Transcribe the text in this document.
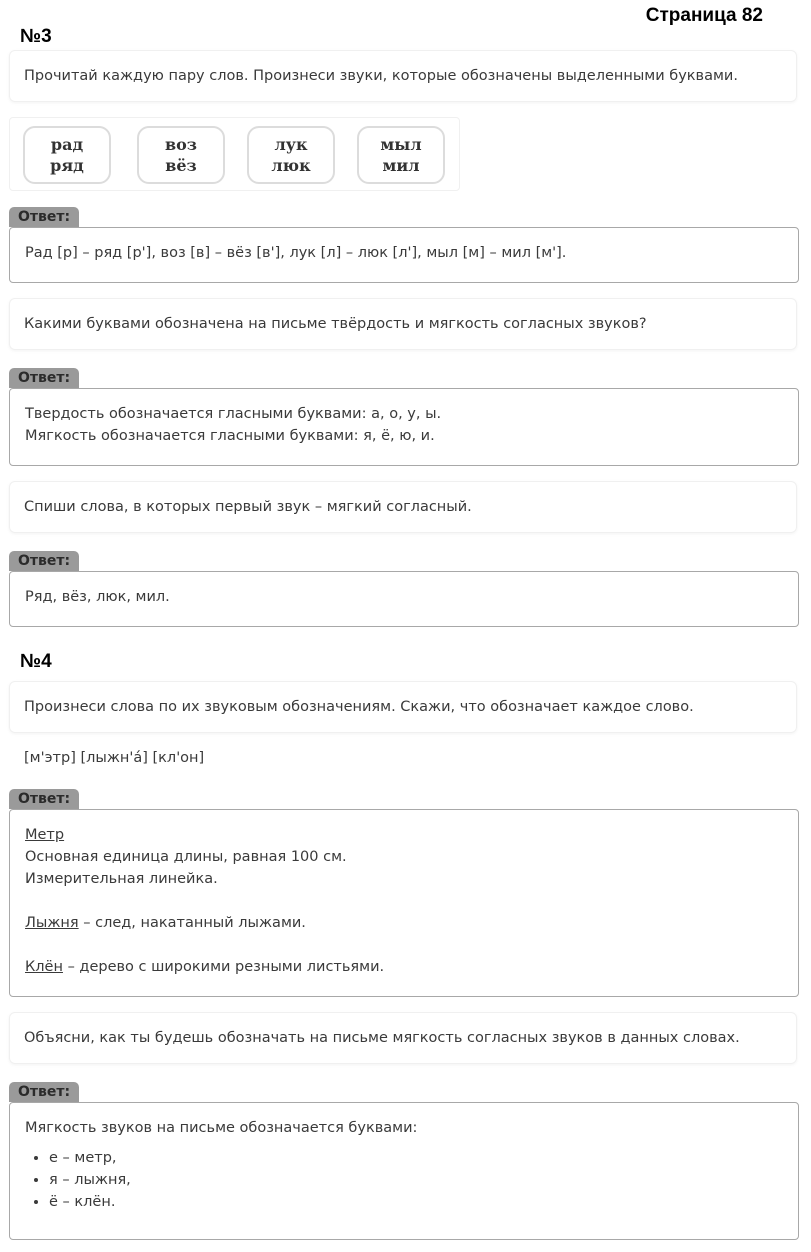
Страница 82
№3
Прочитай каждую пару слов. Произнеси звуки, которые обозначены выделенными буквами.
рад
ряд
воз
вёз
лук
люк
мыл
мил
Ответ:
Рад [р] – ряд [р'], воз [в] – вёз [в'], лук [л] – люк [л'], мыл [м] – мил [м'].
Какими буквами обозначена на письме твёрдость и мягкость согласных звуков?
Ответ:
Твердость обозначается гласными буквами: а, о, у, ы.
Мягкость обозначается гласными буквами: я, ё, ю, и.
Спиши слова, в которых первый звук – мягкий согласный.
Ответ:
Ряд, вёз, люк, мил.
№4
Произнеси слова по их звуковым обозначениям. Скажи, что обозначает каждое слово.
[м'этр] [лыжн'а́] [кл'он]
Ответ:
Метр
Основная единица длины, равная 100 см.
Измерительная линейка.
Лыжня – след, накатанный лыжами.
Клён – дерево с широкими резными листьями.
Объясни, как ты будешь обозначать на письме мягкость согласных звуков в данных словах.
Ответ:
Мягкость звуков на письме обозначается буквами:
• е – метр,
• я – лыжня,
• ё – клён.
